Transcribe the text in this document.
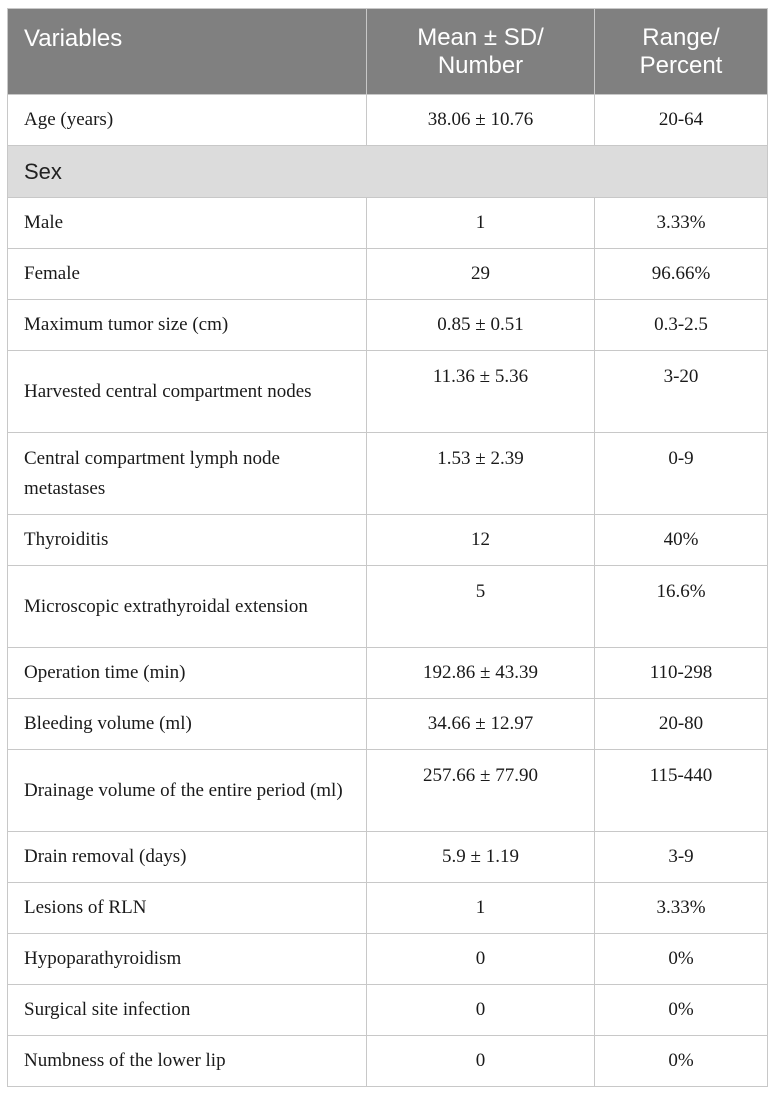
Variables	Mean ± SD/ Number	Range/ Percent
Age (years)	38.06 ± 10.76	20-64
Sex		
Male	1	3.33%
Female	29	96.66%
Maximum tumor size (cm)	0.85 ± 0.51	0.3-2.5
Harvested central compartment nodes	11.36 ± 5.36	3-20
Central compartment lymph node metastases	1.53 ± 2.39	0-9
Thyroiditis	12	40%
Microscopic extrathyroidal extension	5	16.6%
Operation time (min)	192.86 ± 43.39	110-298
Bleeding volume (ml)	34.66 ± 12.97	20-80
Drainage volume of the entire period (ml)	257.66 ± 77.90	115-440
Drain removal (days)	5.9 ± 1.19	3-9
Lesions of RLN	1	3.33%
Hypoparathyroidism	0	0%
Surgical site infection	0	0%
Numbness of the lower lip	0	0%
